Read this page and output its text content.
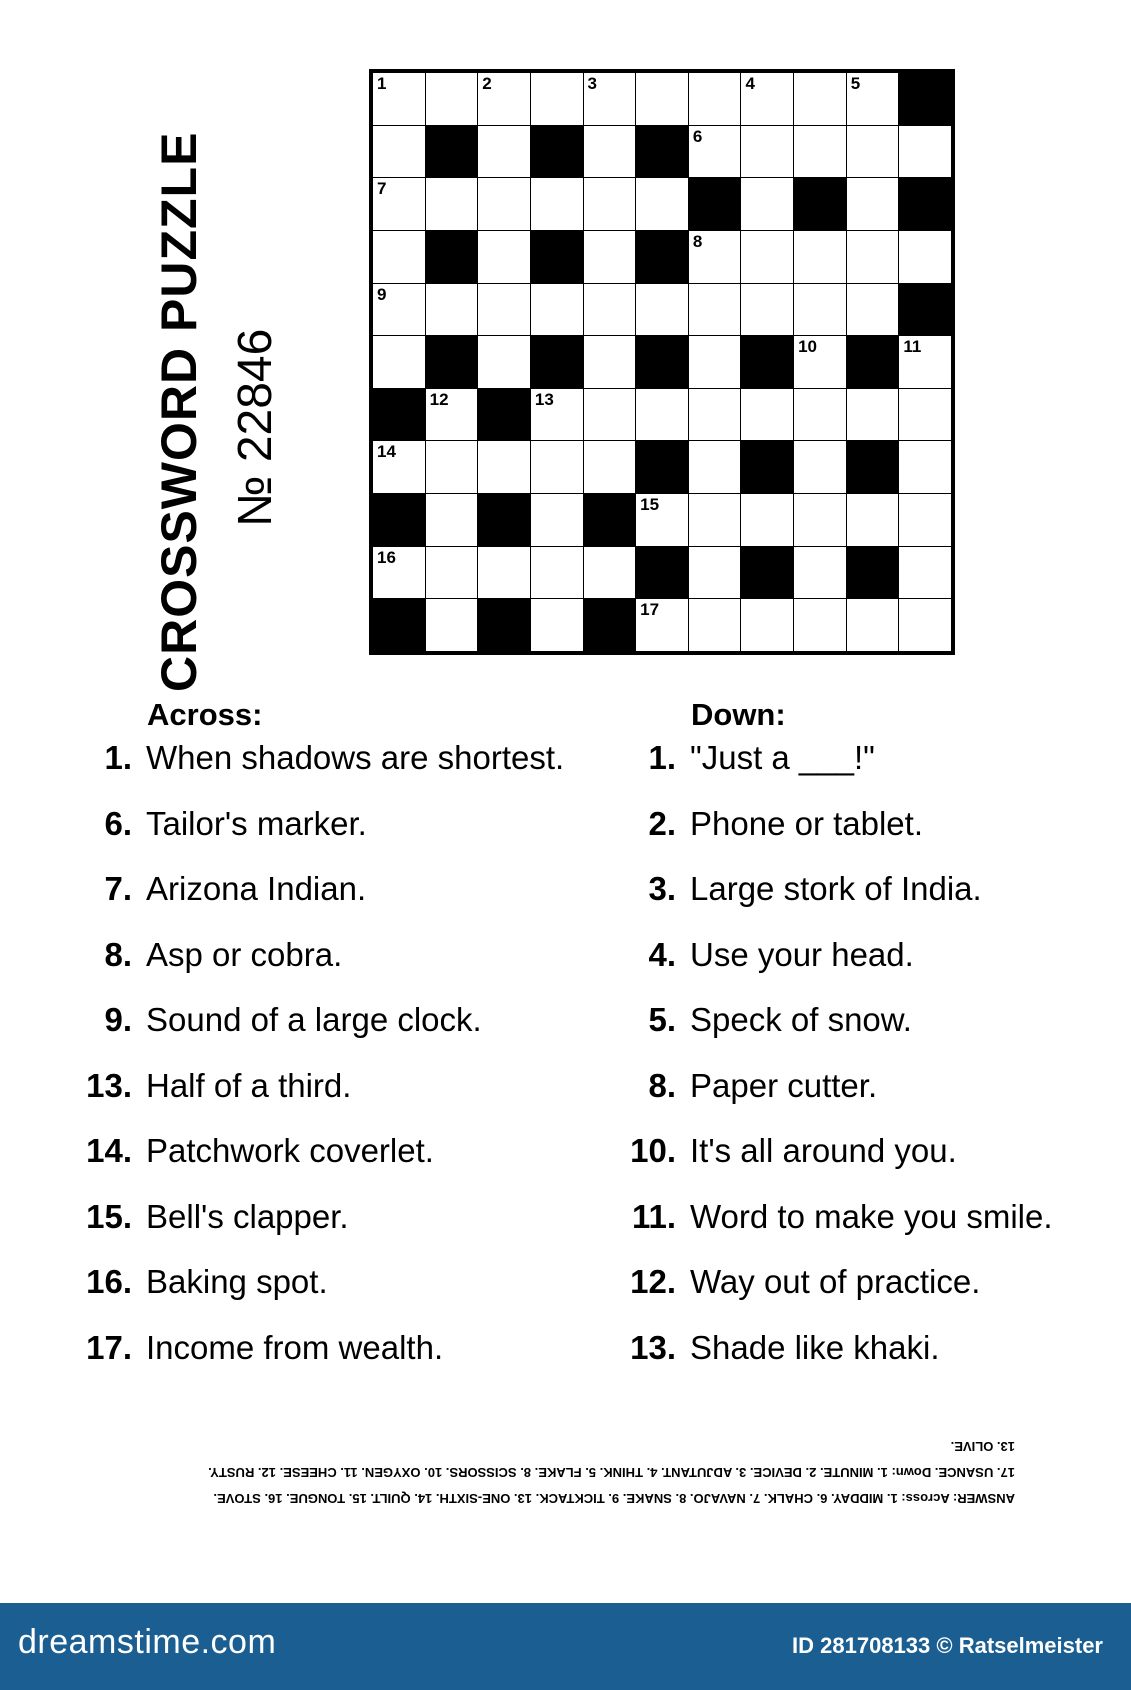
CROSSWORD PUZZLE № 22846
1	2	3	4	5
6
7
8
9
10	11
12	13
14
15
16
17
Across:
1. When shadows are shortest.
6. Tailor's marker.
7. Arizona Indian.
8. Asp or cobra.
9. Sound of a large clock.
13. Half of a third.
14. Patchwork coverlet.
15. Bell's clapper.
16. Baking spot.
17. Income from wealth.
Down:
1. "Just a ___!"
2. Phone or tablet.
3. Large stork of India.
4. Use your head.
5. Speck of snow.
8. Paper cutter.
10. It's all around you.
11. Word to make you smile.
12. Way out of practice.
13. Shade like khaki.
ANSWER: Across: 1. MIDDAY. 6. CHALK. 7. NAVAJO. 8. SNAKE. 9. TICKTACK. 13. ONE-SIXTH. 14. QUILT. 15. TONGUE. 16. STOVE.
17. USANCE. Down: 1. MINUTE. 2. DEVICE. 3. ADJUTANT. 4. THINK. 5. FLAKE. 8. SCISSORS. 10. OXYGEN. 11. CHEESE. 12. RUSTY.
13. OLIVE.
dreamstime.com	ID 281708133 © Ratselmeister
